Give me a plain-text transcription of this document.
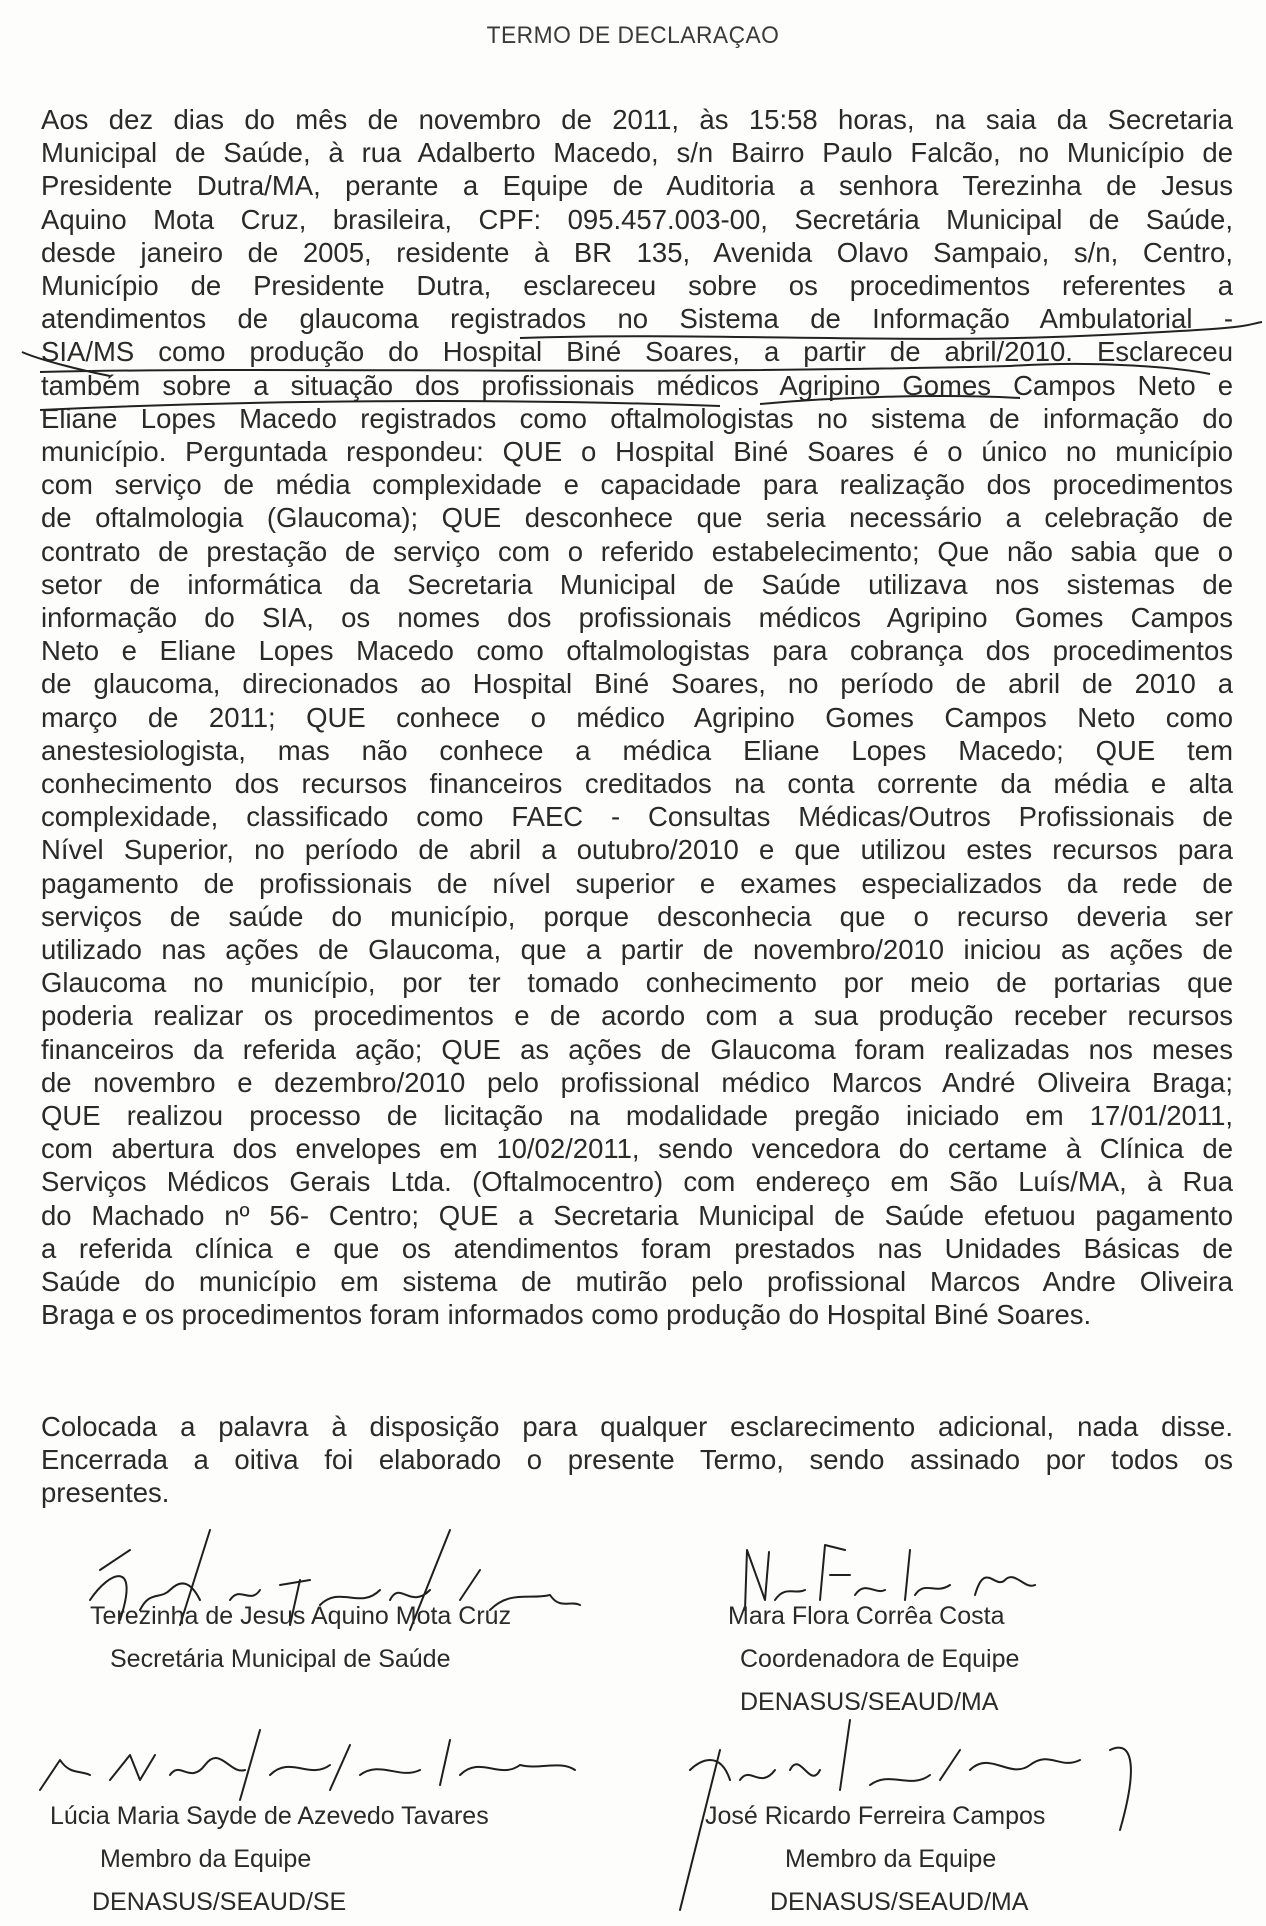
TERMO DE DECLARAÇAO
Aos dez dias do mês de novembro de 2011, às 15:58 horas, na saia da Secretaria
Municipal de Saúde, à rua Adalberto Macedo, s/n Bairro Paulo Falcão, no Município de
Presidente Dutra/MA, perante a Equipe de Auditoria a senhora Terezinha de Jesus
Aquino Mota Cruz, brasileira, CPF: 095.457.003-00, Secretária Municipal de Saúde,
desde janeiro de 2005, residente à BR 135, Avenida Olavo Sampaio, s/n, Centro,
Município de Presidente Dutra, esclareceu sobre os procedimentos referentes a
atendimentos de glaucoma registrados no Sistema de Informação Ambulatorial -
SIA/MS como produção do Hospital Biné Soares, a partir de abril/2010. Esclareceu
também sobre a situação dos profissionais médicos Agripino Gomes Campos Neto e
Eliane Lopes Macedo registrados como oftalmologistas no sistema de informação do
município. Perguntada respondeu: QUE o Hospital Biné Soares é o único no município
com serviço de média complexidade e capacidade para realização dos procedimentos
de oftalmologia (Glaucoma); QUE desconhece que seria necessário a celebração de
contrato de prestação de serviço com o referido estabelecimento; Que não sabia que o
setor de informática da Secretaria Municipal de Saúde utilizava nos sistemas de
informação do SIA, os nomes dos profissionais médicos Agripino Gomes Campos
Neto e Eliane Lopes Macedo como oftalmologistas para cobrança dos procedimentos
de glaucoma, direcionados ao Hospital Biné Soares, no período de abril de 2010 a
março de 2011; QUE conhece o médico Agripino Gomes Campos Neto como
anestesiologista, mas não conhece a médica Eliane Lopes Macedo; QUE tem
conhecimento dos recursos financeiros creditados na conta corrente da média e alta
complexidade, classificado como FAEC - Consultas Médicas/Outros Profissionais de
Nível Superior, no período de abril a outubro/2010 e que utilizou estes recursos para
pagamento de profissionais de nível superior e exames especializados da rede de
serviços de saúde do município, porque desconhecia que o recurso deveria ser
utilizado nas ações de Glaucoma, que a partir de novembro/2010 iniciou as ações de
Glaucoma no município, por ter tomado conhecimento por meio de portarias que
poderia realizar os procedimentos e de acordo com a sua produção receber recursos
financeiros da referida ação; QUE as ações de Glaucoma foram realizadas nos meses
de novembro e dezembro/2010 pelo profissional médico Marcos André Oliveira Braga;
QUE realizou processo de licitação na modalidade pregão iniciado em 17/01/2011,
com abertura dos envelopes em 10/02/2011, sendo vencedora do certame à Clínica de
Serviços Médicos Gerais Ltda. (Oftalmocentro) com endereço em São Luís/MA, à Rua
do Machado nº 56- Centro; QUE a Secretaria Municipal de Saúde efetuou pagamento
a referida clínica e que os atendimentos foram prestados nas Unidades Básicas de
Saúde do município em sistema de mutirão pelo profissional Marcos Andre Oliveira
Braga e os procedimentos foram informados como produção do Hospital Biné Soares.
Colocada a palavra à disposição para qualquer esclarecimento adicional, nada disse.
Encerrada a oitiva foi elaborado o presente Termo, sendo assinado por todos os
presentes.
Terezinha de Jesus Aquino Mota Cruz
Secretária Municipal de Saúde
Mara Flora Corrêa Costa
Coordenadora de Equipe
DENASUS/SEAUD/MA
Lúcia Maria Sayde de Azevedo Tavares
Membro da Equipe
DENASUS/SEAUD/SE
José Ricardo Ferreira Campos
Membro da Equipe
DENASUS/SEAUD/MA
